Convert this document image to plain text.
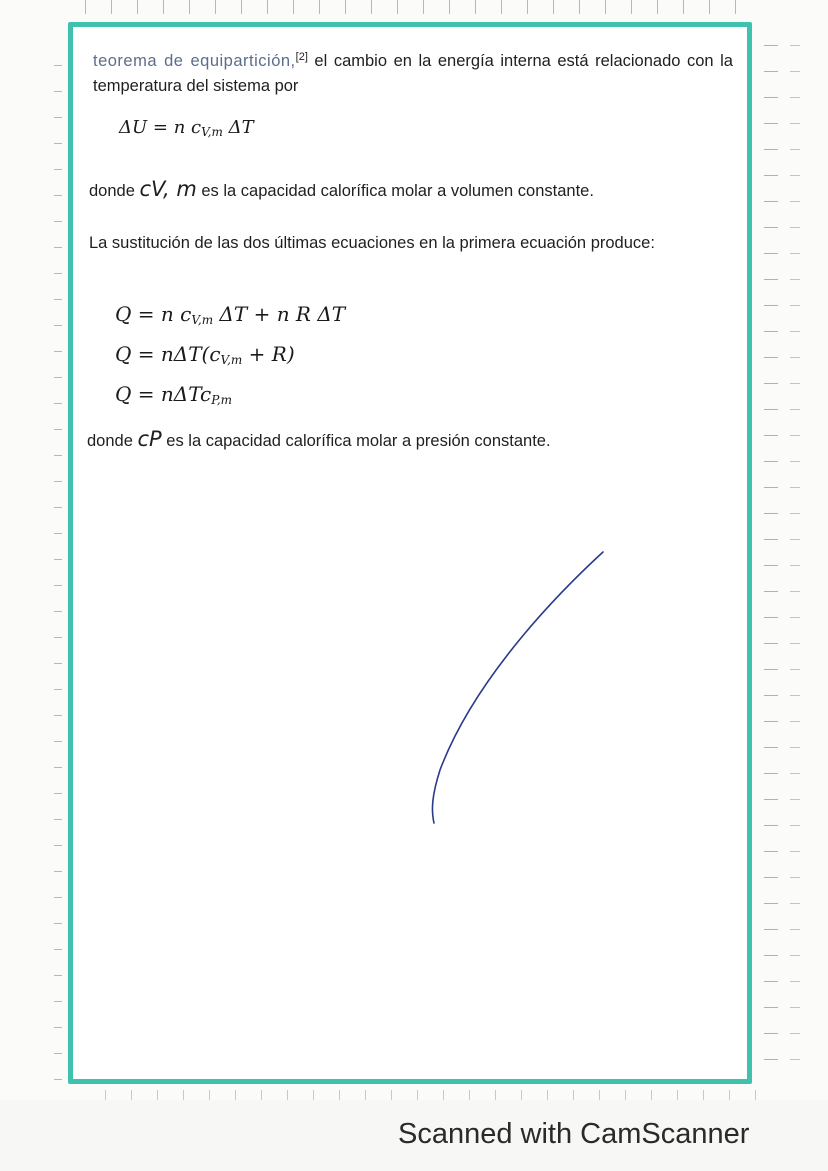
teorema de equipartición,[2] el cambio en la energía interna está relacionado con la temperatura del sistema por
ΔU = n $c_{V,m}$ ΔT
donde cV, m es la capacidad calorífica molar a volumen constante.
La sustitución de las dos últimas ecuaciones en la primera ecuación produce:
Q = n $c_{V,m}$ ΔT + n R ΔT
$Q = n\Delta T(c_{V,m} + R)$
Q = nΔTc$_{P,m}$
donde cP es la capacidad calorífica molar a presión constante.
Scanned with CamScanner
